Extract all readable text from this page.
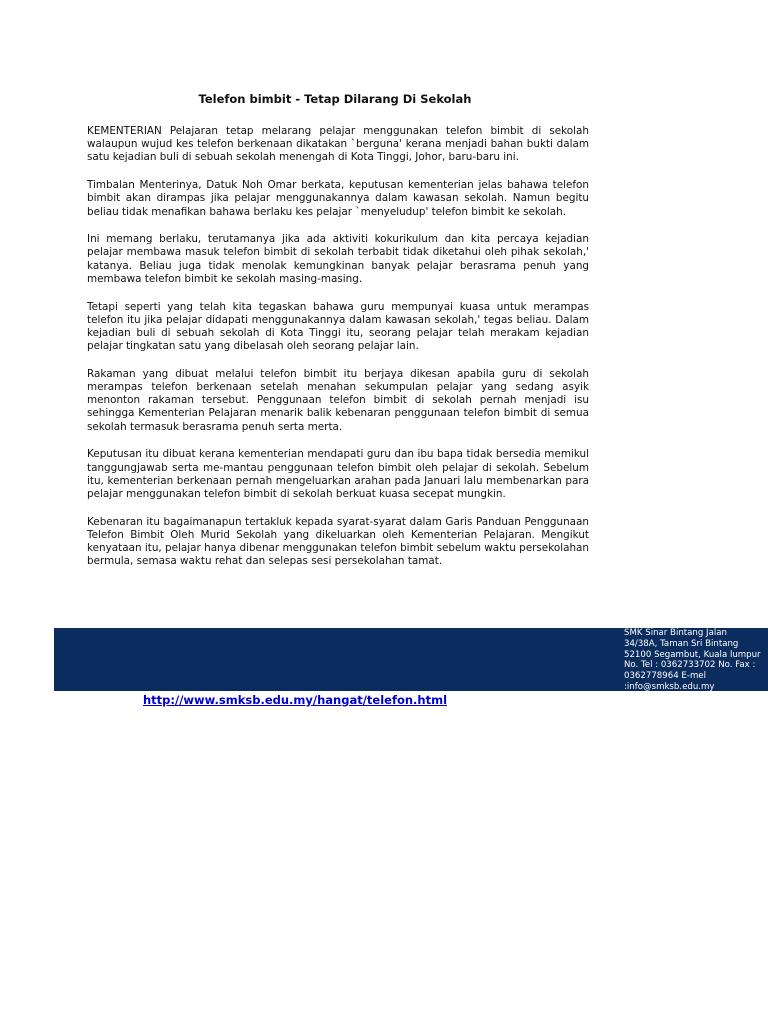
Telefon bimbit - Tetap Dilarang Di Sekolah

KEMENTERIAN Pelajaran tetap melarang pelajar menggunakan telefon bimbit di sekolah walaupun wujud kes telefon berkenaan dikatakan `berguna' kerana menjadi bahan bukti dalam satu kejadian buli di sebuah sekolah menengah di Kota Tinggi, Johor, baru-baru ini.

Timbalan Menterinya, Datuk Noh Omar berkata, keputusan kementerian jelas bahawa telefon bimbit akan dirampas jika pelajar menggunakannya dalam kawasan sekolah. Namun begitu beliau tidak menafikan bahawa berlaku kes pelajar `menyeludup' telefon bimbit ke sekolah.

Ini memang berlaku, terutamanya jika ada aktiviti kokurikulum dan kita percaya kejadian pelajar membawa masuk telefon bimbit di sekolah terbabit tidak diketahui oleh pihak sekolah,' katanya. Beliau juga tidak menolak kemungkinan banyak pelajar berasrama penuh yang membawa telefon bimbit ke sekolah masing-masing.

Tetapi seperti yang telah kita tegaskan bahawa guru mempunyai kuasa untuk merampas telefon itu jika pelajar didapati menggunakannya dalam kawasan sekolah,' tegas beliau. Dalam kejadian buli di sebuah sekolah di Kota Tinggi itu, seorang pelajar telah merakam kejadian pelajar tingkatan satu yang dibelasah oleh seorang pelajar lain.

Rakaman yang dibuat melalui telefon bimbit itu berjaya dikesan apabila guru di sekolah merampas telefon berkenaan setelah menahan sekumpulan pelajar yang sedang asyik menonton rakaman tersebut. Penggunaan telefon bimbit di sekolah pernah menjadi isu sehingga Kementerian Pelajaran menarik balik kebenaran penggunaan telefon bimbit di semua sekolah termasuk berasrama penuh serta merta.

Keputusan itu dibuat kerana kementerian mendapati guru dan ibu bapa tidak bersedia memikul tanggungjawab serta me-mantau penggunaan telefon bimbit oleh pelajar di sekolah. Sebelum itu, kementerian berkenaan pernah mengeluarkan arahan pada Januari lalu membenarkan para pelajar menggunakan telefon bimbit di sekolah berkuat kuasa secepat mungkin.

Kebenaran itu bagaimanapun tertakluk kepada syarat-syarat dalam Garis Panduan Penggunaan Telefon Bimbit Oleh Murid Sekolah yang dikeluarkan oleh Kementerian Pelajaran. Mengikut kenyataan itu, pelajar hanya dibenar menggunakan telefon bimbit sebelum waktu persekolahan bermula, semasa waktu rehat dan selepas sesi persekolahan tamat.

SMK Sinar Bintang Jalan
34/38A, Taman Sri Bintang
52100 Segambut, Kuala lumpur
No. Tel : 0362733702 No. Fax :
0362778964 E-mel
:info@smksb.edu.my
http://www.smksb.edu.my/hangat/telefon.html
